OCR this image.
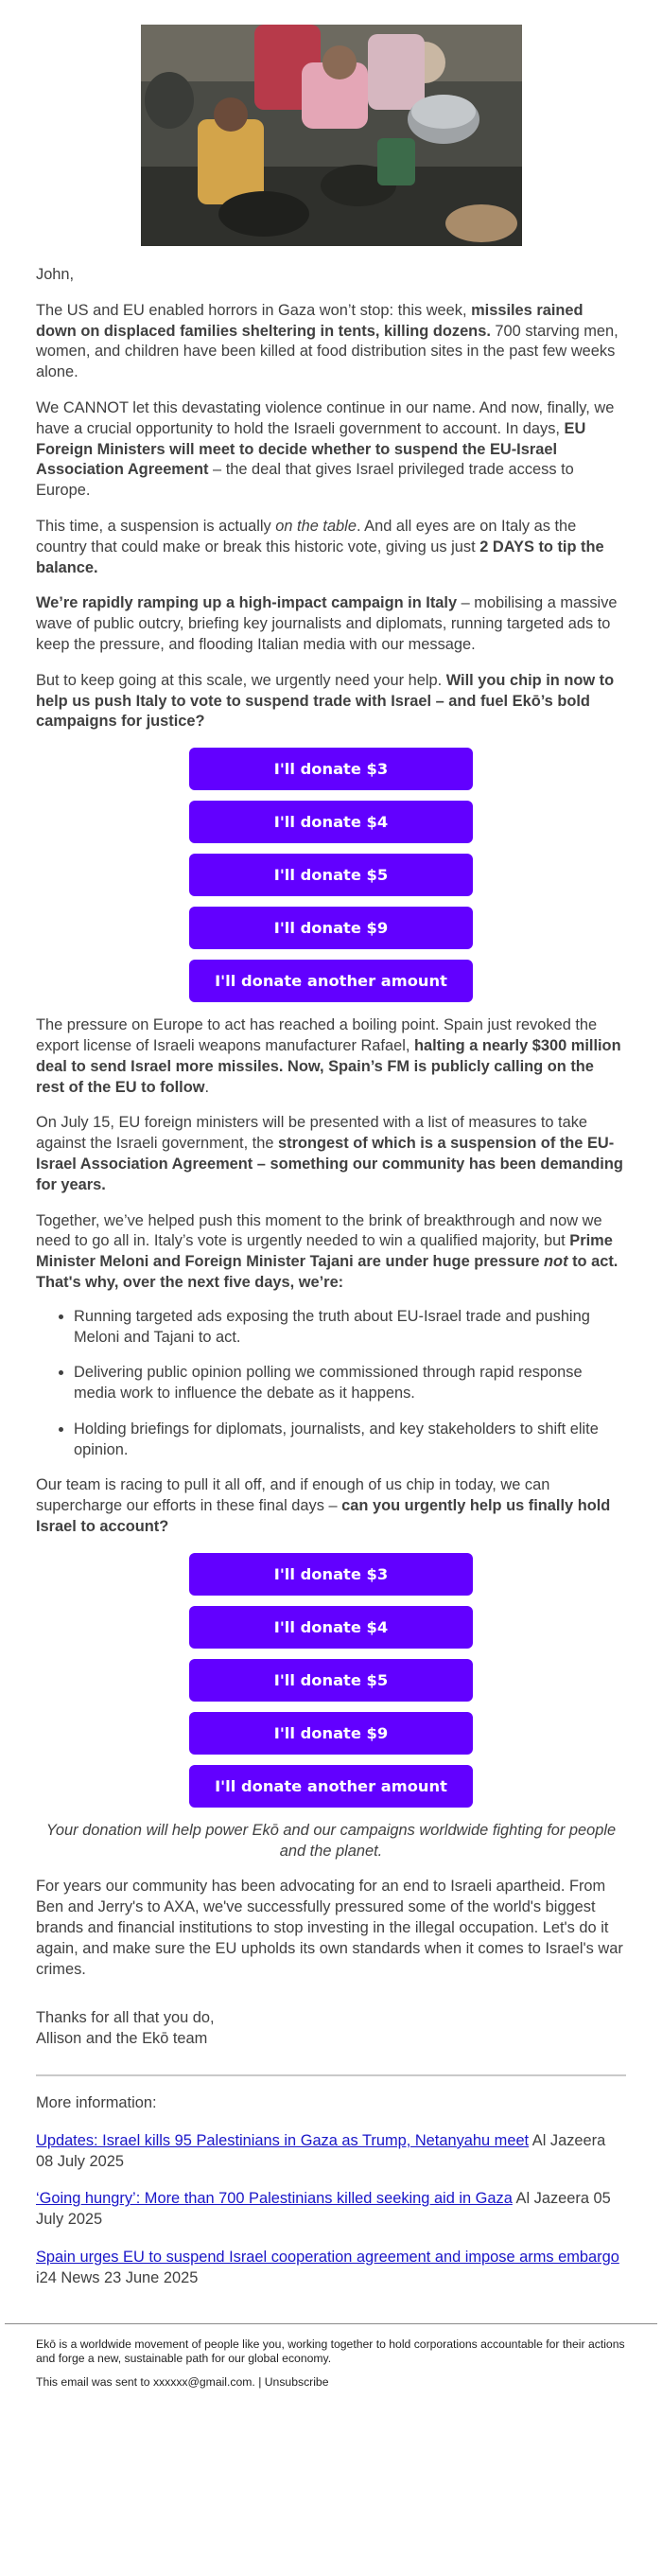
John,

The US and EU enabled horrors in Gaza won’t stop: this week, missiles rained down on displaced families sheltering in tents, killing dozens. 700 starving men, women, and children have been killed at food distribution sites in the past few weeks alone.

We CANNOT let this devastating violence continue in our name. And now, finally, we have a crucial opportunity to hold the Israeli government to account. In days, EU Foreign Ministers will meet to decide whether to suspend the EU-Israel Association Agreement – the deal that gives Israel privileged trade access to Europe.

This time, a suspension is actually on the table. And all eyes are on Italy as the country that could make or break this historic vote, giving us just 2 DAYS to tip the balance.

We’re rapidly ramping up a high-impact campaign in Italy – mobilising a massive wave of public outcry, briefing key journalists and diplomats, running targeted ads to keep the pressure, and flooding Italian media with our message.

But to keep going at this scale, we urgently need your help. Will you chip in now to help us push Italy to vote to suspend trade with Israel – and fuel Ekō’s bold campaigns for justice?

I'll donate $3
I'll donate $4
I'll donate $5
I'll donate $9
I'll donate another amount

The pressure on Europe to act has reached a boiling point. Spain just revoked the export license of Israeli weapons manufacturer Rafael, halting a nearly $300 million deal to send Israel more missiles. Now, Spain’s FM is publicly calling on the rest of the EU to follow.

On July 15, EU foreign ministers will be presented with a list of measures to take against the Israeli government, the strongest of which is a suspension of the EU-Israel Association Agreement – something our community has been demanding for years.

Together, we’ve helped push this moment to the brink of breakthrough and now we need to go all in. Italy’s vote is urgently needed to win a qualified majority, but Prime Minister Meloni and Foreign Minister Tajani are under huge pressure not to act. That's why, over the next five days, we’re:

• Running targeted ads exposing the truth about EU-Israel trade and pushing Meloni and Tajani to act.
• Delivering public opinion polling we commissioned through rapid response media work to influence the debate as it happens.
• Holding briefings for diplomats, journalists, and key stakeholders to shift elite opinion.

Our team is racing to pull it all off, and if enough of us chip in today, we can supercharge our efforts in these final days – can you urgently help us finally hold Israel to account?

I'll donate $3
I'll donate $4
I'll donate $5
I'll donate $9
I'll donate another amount

Your donation will help power Ekō and our campaigns worldwide fighting for people and the planet.

For years our community has been advocating for an end to Israeli apartheid. From Ben and Jerry's to AXA, we've successfully pressured some of the world's biggest brands and financial institutions to stop investing in the illegal occupation. Let's do it again, and make sure the EU upholds its own standards when it comes to Israel's war crimes.

Thanks for all that you do,

Allison and the Ekō team

More information:

Updates: Israel kills 95 Palestinians in Gaza as Trump, Netanyahu meet Al Jazeera 08 July 2025

‘Going hungry’: More than 700 Palestinians killed seeking aid in Gaza Al Jazeera 05 July 2025

Spain urges EU to suspend Israel cooperation agreement and impose arms embargo i24 News 23 June 2025

Ekō is a worldwide movement of people like you, working together to hold corporations accountable for their actions and forge a new, sustainable path for our global economy.

This email was sent to xxxxxx@gmail.com. | Unsubscribe
